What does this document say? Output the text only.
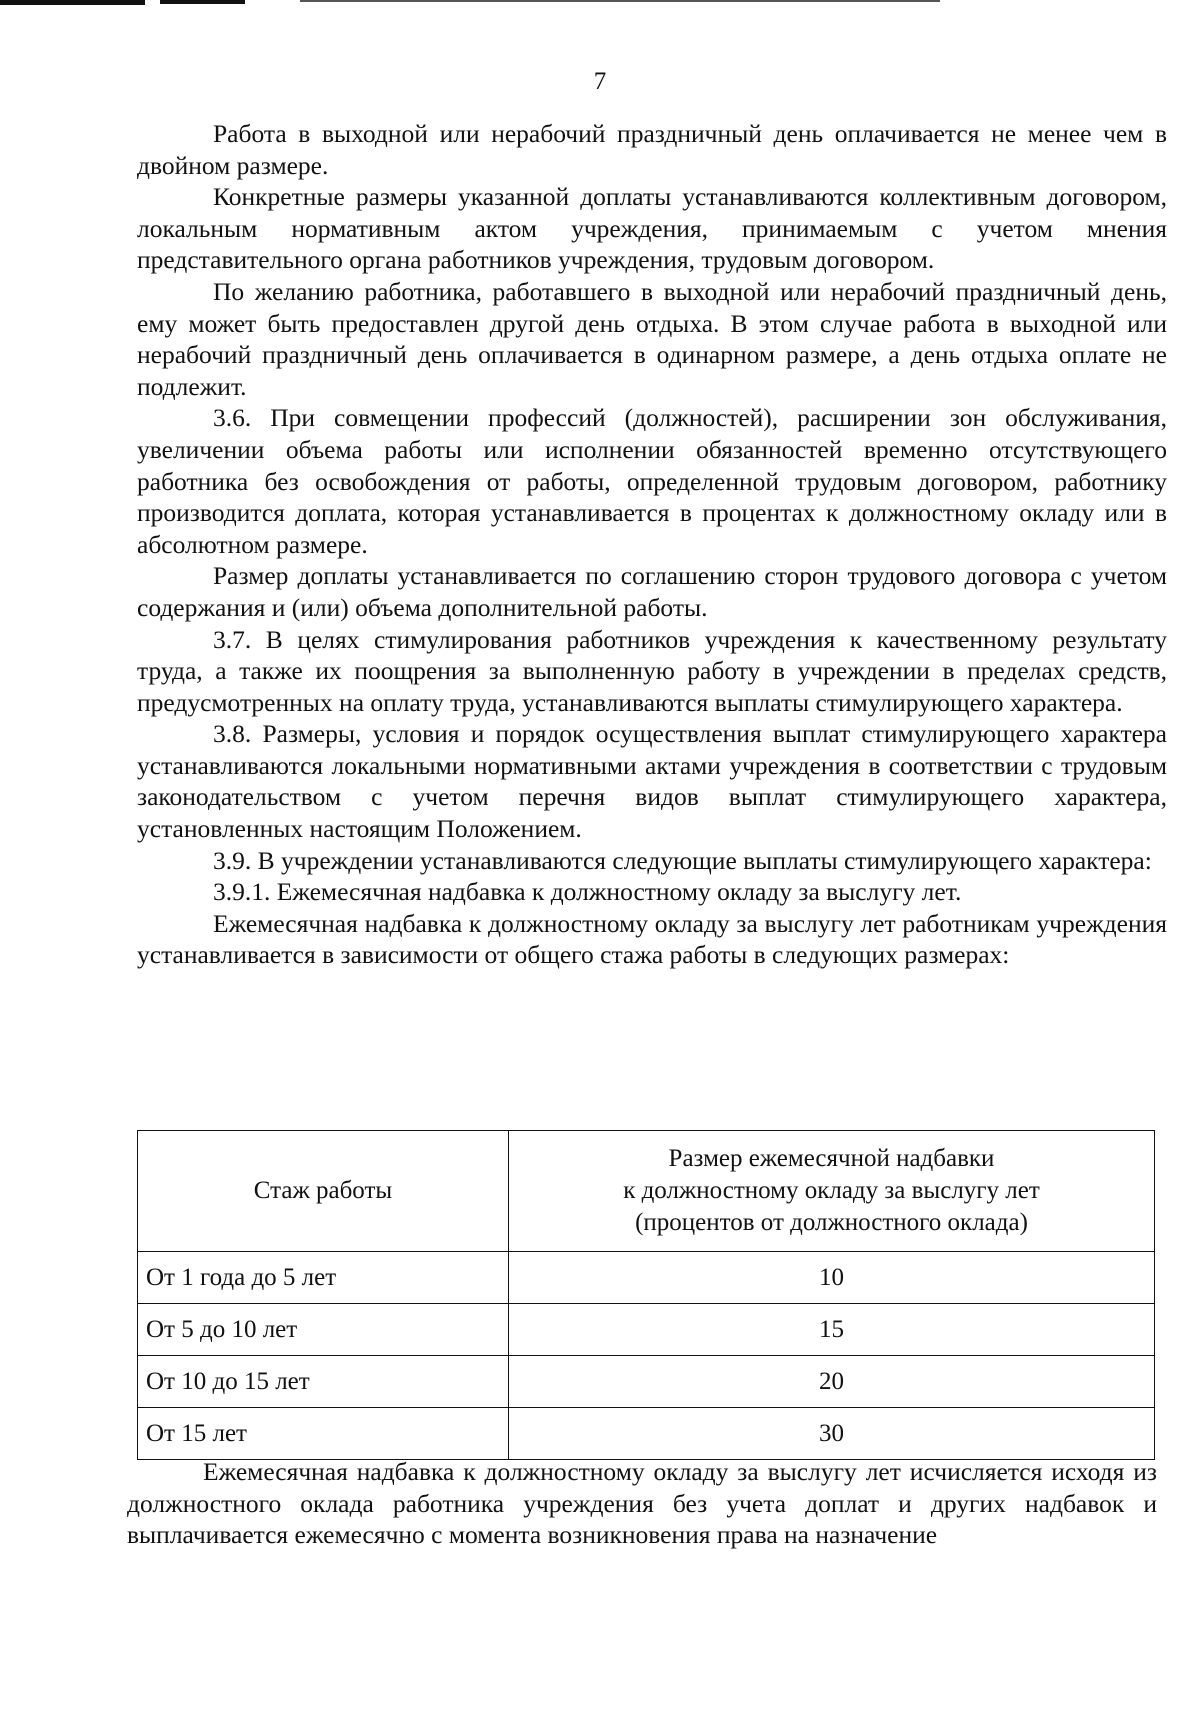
7

Работа в выходной или нерабочий праздничный день оплачивается не менее чем в двойном размере.

Конкретные размеры указанной доплаты устанавливаются коллективным договором, локальным нормативным актом учреждения, принимаемым с учетом мнения представительного органа работников учреждения, трудовым договором.

По желанию работника, работавшего в выходной или нерабочий праздничный день, ему может быть предоставлен другой день отдыха. В этом случае работа в выходной или нерабочий праздничный день оплачивается в одинарном размере, а день отдыха оплате не подлежит.

3.6. При совмещении профессий (должностей), расширении зон обслуживания, увеличении объема работы или исполнении обязанностей временно отсутствующего работника без освобождения от работы, определенной трудовым договором, работнику производится доплата, которая устанавливается в процентах к должностному окладу или в абсолютном размере.

Размер доплаты устанавливается по соглашению сторон трудового договора с учетом содержания и (или) объема дополнительной работы.

3.7. В целях стимулирования работников учреждения к качественному результату труда, а также их поощрения за выполненную работу в учреждении в пределах средств, предусмотренных на оплату труда, устанавливаются выплаты стимулирующего характера.

3.8. Размеры, условия и порядок осуществления выплат стимулирующего характера устанавливаются локальными нормативными актами учреждения в соответствии с трудовым законодательством с учетом перечня видов выплат стимулирующего характера, установленных настоящим Положением.

3.9. В учреждении устанавливаются следующие выплаты стимулирующего характера:

3.9.1. Ежемесячная надбавка к должностному окладу за выслугу лет.

Ежемесячная надбавка к должностному окладу за выслугу лет работникам учреждения устанавливается в зависимости от общего стажа работы в следующих размерах:

Стаж работы	Размер ежемесячной надбавки
к должностному окладу за выслугу лет
(процентов от должностного оклада)

От 1 года до 5 лет	10
От 5 до 10 лет	15
От 10 до 15 лет	20
От 15 лет	30

Ежемесячная надбавка к должностному окладу за выслугу лет исчисляется исходя из должностного оклада работника учреждения без учета доплат и других надбавок и выплачивается ежемесячно с момента возникновения права на назначение
